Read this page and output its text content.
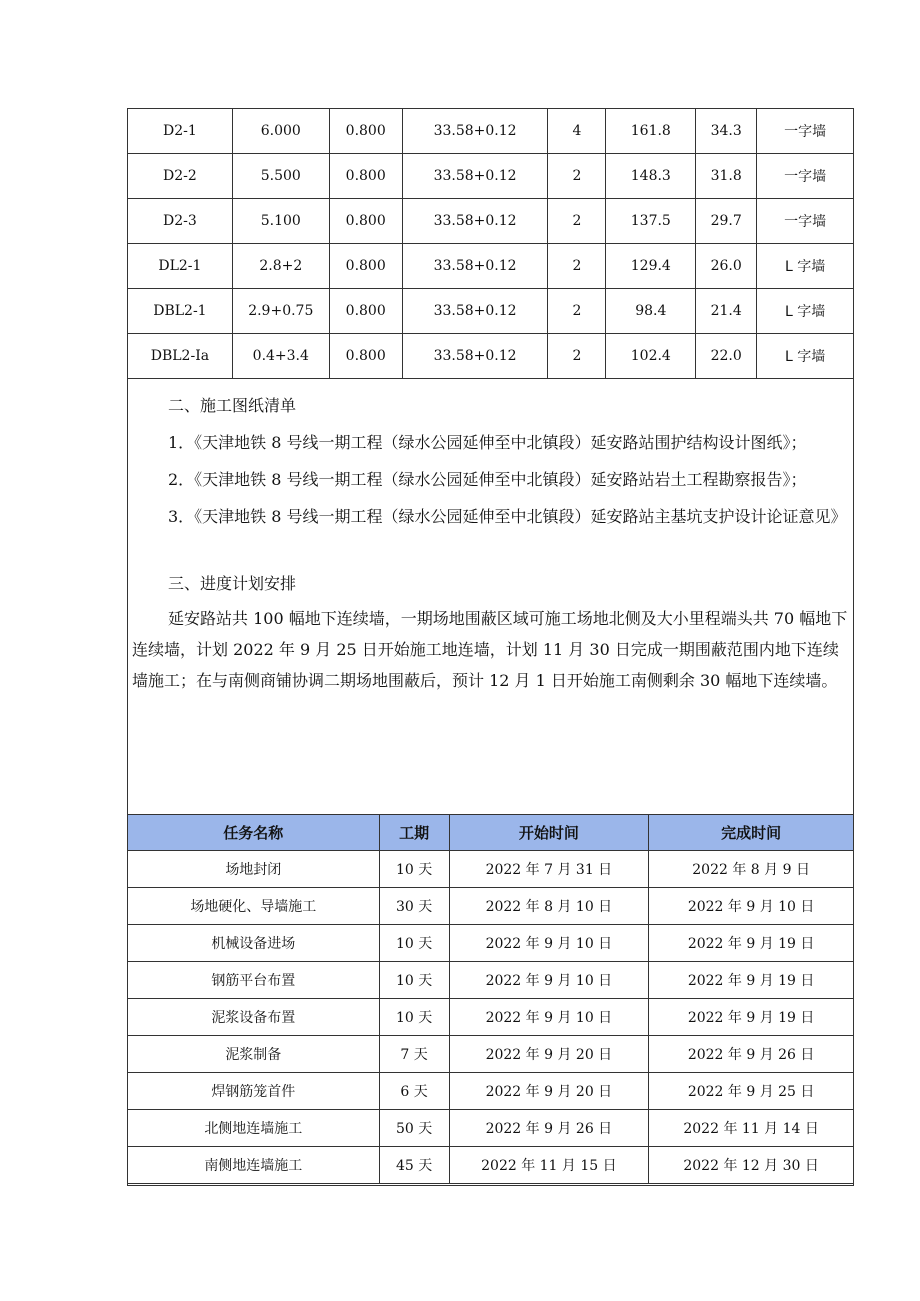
D2-1	6.000	0.800	33.58+0.12	4	161.8	34.3	一字墙
D2-2	5.500	0.800	33.58+0.12	2	148.3	31.8	一字墙
D2-3	5.100	0.800	33.58+0.12	2	137.5	29.7	一字墙
DL2-1	2.8+2	0.800	33.58+0.12	2	129.4	26.0	L 字墙
DBL2-1	2.9+0.75	0.800	33.58+0.12	2	98.4	21.4	L 字墙
DBL2-Ia	0.4+3.4	0.800	33.58+0.12	2	102.4	22.0	L 字墙

二、施工图纸清单

1．《天津地铁 8 号线一期工程（绿水公园延伸至中北镇段）延安路站围护结构设计图纸》；

2．《天津地铁 8 号线一期工程（绿水公园延伸至中北镇段）延安路站岩土工程勘察报告》；

3．《天津地铁 8 号线一期工程（绿水公园延伸至中北镇段）延安路站主基坑支护设计论证意见》

三、进度计划安排

延安路站共 100 幅地下连续墙，一期场地围蔽区域可施工场地北侧及大小里程端头共 70 幅地下连续墙，计划 2022 年 9 月 25 日开始施工地连墙，计划 11 月 30 日完成一期围蔽范围内地下连续墙施工；在与南侧商铺协调二期场地围蔽后，预计 12 月 1 日开始施工南侧剩余 30 幅地下连续墙。

任务名称	工期	开始时间	完成时间
场地封闭	10 天	2022 年 7 月 31 日	2022 年 8 月 9 日
场地硬化、导墙施工	30 天	2022 年 8 月 10 日	2022 年 9 月 10 日
机械设备进场	10 天	2022 年 9 月 10 日	2022 年 9 月 19 日
钢筋平台布置	10 天	2022 年 9 月 10 日	2022 年 9 月 19 日
泥浆设备布置	10 天	2022 年 9 月 10 日	2022 年 9 月 19 日
泥浆制备	7 天	2022 年 9 月 20 日	2022 年 9 月 26 日
焊钢筋笼首件	6 天	2022 年 9 月 20 日	2022 年 9 月 25 日
北侧地连墙施工	50 天	2022 年 9 月 26 日	2022 年 11 月 14 日
南侧地连墙施工	45 天	2022 年 11 月 15 日	2022 年 12 月 30 日
